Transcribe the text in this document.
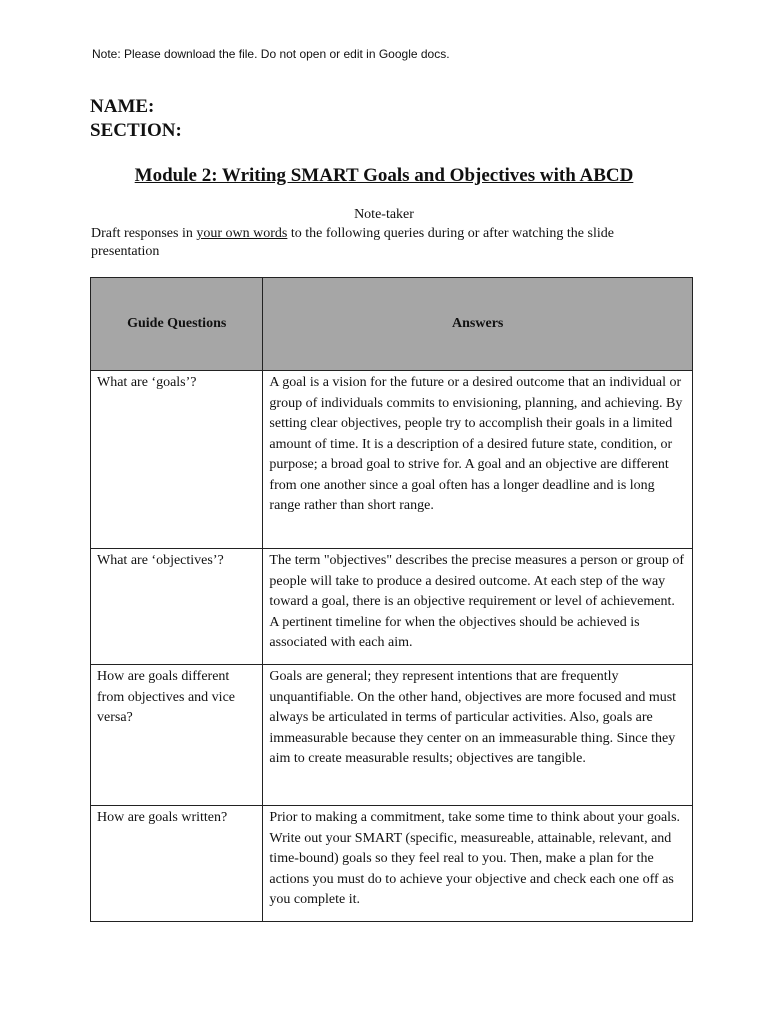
Note: Please download the file. Do not open or edit in Google docs.
NAME:
SECTION:
Module 2: Writing SMART Goals and Objectives with ABCD
Note-taker
Draft responses in your own words to the following queries during or after watching the slide presentation
Guide Questions	Answers
What are ‘goals’?	A goal is a vision for the future or a desired outcome that an individual or group of individuals commits to envisioning, planning, and achieving. By setting clear objectives, people try to accomplish their goals in a limited amount of time. It is a description of a desired future state, condition, or purpose; a broad goal to strive for. A goal and an objective are different from one another since a goal often has a longer deadline and is long range rather than short range.
What are ‘objectives’?	The term "objectives" describes the precise measures a person or group of people will take to produce a desired outcome. At each step of the way toward a goal, there is an objective requirement or level of achievement. A pertinent timeline for when the objectives should be achieved is associated with each aim.
How are goals different from objectives and vice versa?	Goals are general; they represent intentions that are frequently unquantifiable. On the other hand, objectives are more focused and must always be articulated in terms of particular activities. Also, goals are immeasurable because they center on an immeasurable thing. Since they aim to create measurable results; objectives are tangible.
How are goals written?	Prior to making a commitment, take some time to think about your goals. Write out your SMART (specific, measureable, attainable, relevant, and time-bound) goals so they feel real to you. Then, make a plan for the actions you must do to achieve your objective and check each one off as you complete it.
